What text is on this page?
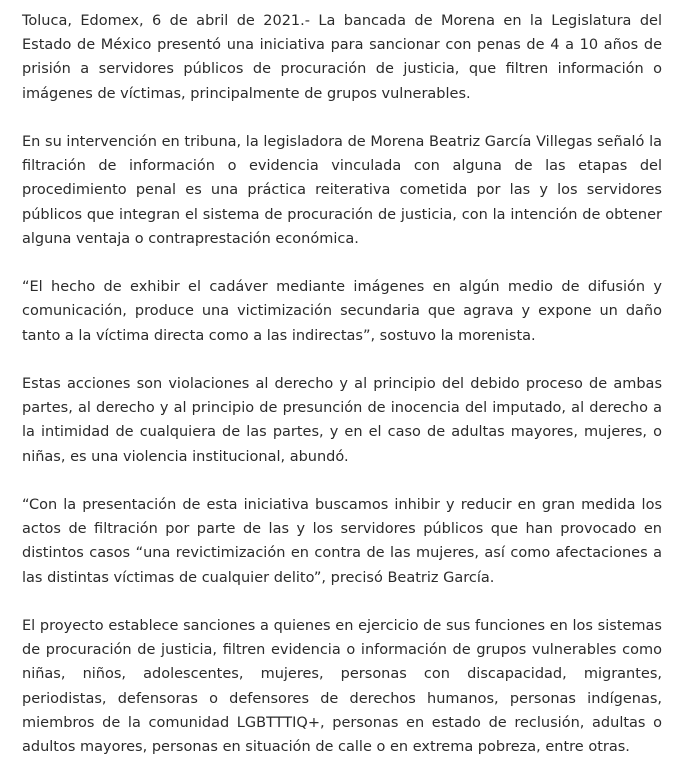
Toluca, Edomex, 6 de abril de 2021.- La bancada de Morena en la Legislatura del Estado de México presentó una iniciativa para sancionar con penas de 4 a 10 años de prisión a servidores públicos de procuración de justicia, que filtren información o imágenes de víctimas, principalmente de grupos vulnerables.

En su intervención en tribuna, la legisladora de Morena Beatriz García Villegas señaló la filtración de información o evidencia vinculada con alguna de las etapas del procedimiento penal es una práctica reiterativa cometida por las y los servidores públicos que integran el sistema de procuración de justicia, con la intención de obtener alguna ventaja o contraprestación económica.

“El hecho de exhibir el cadáver mediante imágenes en algún medio de difusión y comunicación, produce una victimización secundaria que agrava y expone un daño tanto a la víctima directa como a las indirectas”, sostuvo la morenista.

Estas acciones son violaciones al derecho y al principio del debido proceso de ambas partes, al derecho y al principio de presunción de inocencia del imputado, al derecho a la intimidad de cualquiera de las partes, y en el caso de adultas mayores, mujeres, o niñas, es una violencia institucional, abundó.

“Con la presentación de esta iniciativa buscamos inhibir y reducir en gran medida los actos de filtración por parte de las y los servidores públicos que han provocado en distintos casos “una revictimización en contra de las mujeres, así como afectaciones a las distintas víctimas de cualquier delito”, precisó Beatriz García.

El proyecto establece sanciones a quienes en ejercicio de sus funciones en los sistemas de procuración de justicia, filtren evidencia o información de grupos vulnerables como niñas, niños, adolescentes, mujeres, personas con discapacidad, migrantes, periodistas, defensoras o defensores de derechos humanos, personas indígenas, miembros de la comunidad LGBTTTIQ+, personas en estado de reclusión, adultas o adultos mayores, personas en situación de calle o en extrema pobreza, entre otras.
